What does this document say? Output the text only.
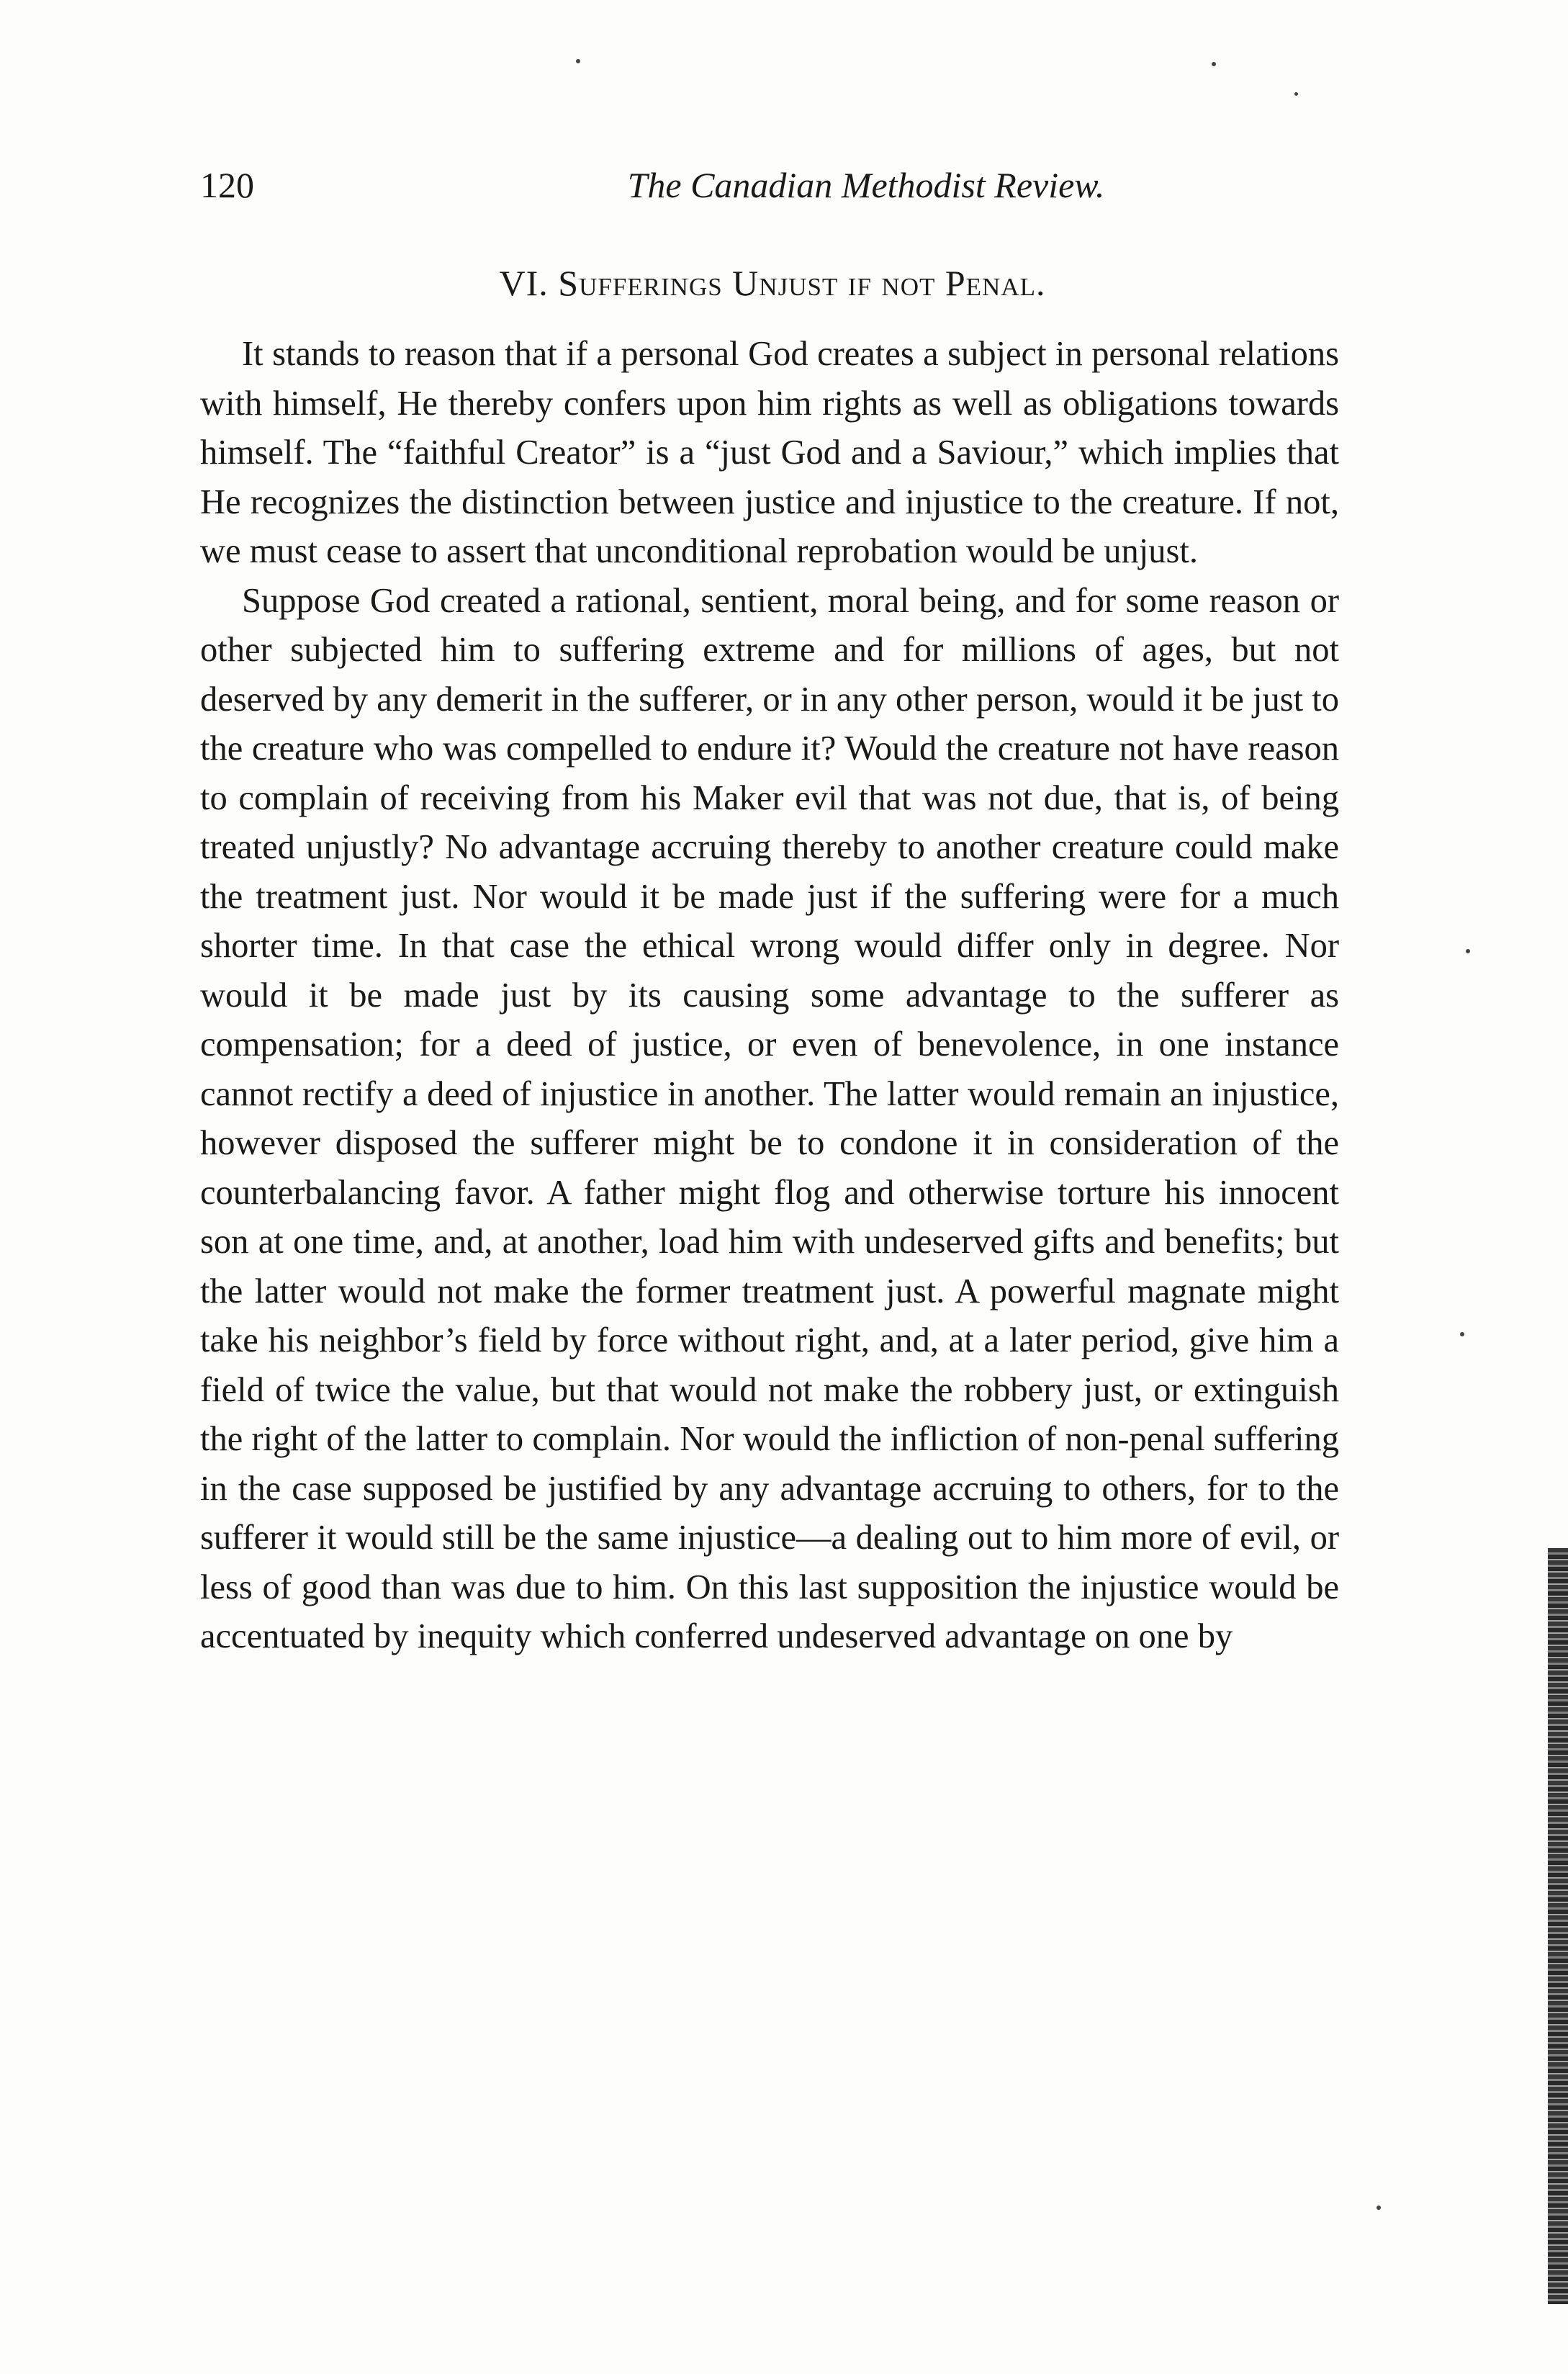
120	The Canadian Methodist Review.
VI. Sufferings Unjust if not Penal.

It stands to reason that if a personal God creates a subject in personal relations with himself, He thereby confers upon him rights as well as obligations towards himself. The “faithful Creator” is a “just God and a Saviour,” which implies that He recognizes the distinction between justice and injustice to the creature. If not, we must cease to assert that unconditional reprobation would be unjust.

Suppose God created a rational, sentient, moral being, and for some reason or other subjected him to suffering extreme and for millions of ages, but not deserved by any demerit in the sufferer, or in any other person, would it be just to the creature who was compelled to endure it? Would the creature not have reason to complain of receiving from his Maker evil that was not due, that is, of being treated unjustly? No advantage accruing thereby to another creature could make the treatment just. Nor would it be made just if the suffering were for a much shorter time. In that case the ethical wrong would differ only in degree. Nor would it be made just by its causing some advantage to the sufferer as compensation; for a deed of justice, or even of benevolence, in one instance cannot rectify a deed of injustice in another. The latter would remain an injustice, however disposed the sufferer might be to condone it in consideration of the counterbalancing favor. A father might flog and otherwise torture his innocent son at one time, and, at another, load him with undeserved gifts and benefits; but the latter would not make the former treatment just. A powerful magnate might take his neighbor’s field by force without right, and, at a later period, give him a field of twice the value, but that would not make the robbery just, or extinguish the right of the latter to complain. Nor would the infliction of non-penal suffering in the case supposed be justified by any advantage accruing to others, for to the sufferer it would still be the same injustice—a dealing out to him more of evil, or less of good than was due to him. On this last supposition the injustice would be accentuated by inequity which conferred undeserved advantage on one by
